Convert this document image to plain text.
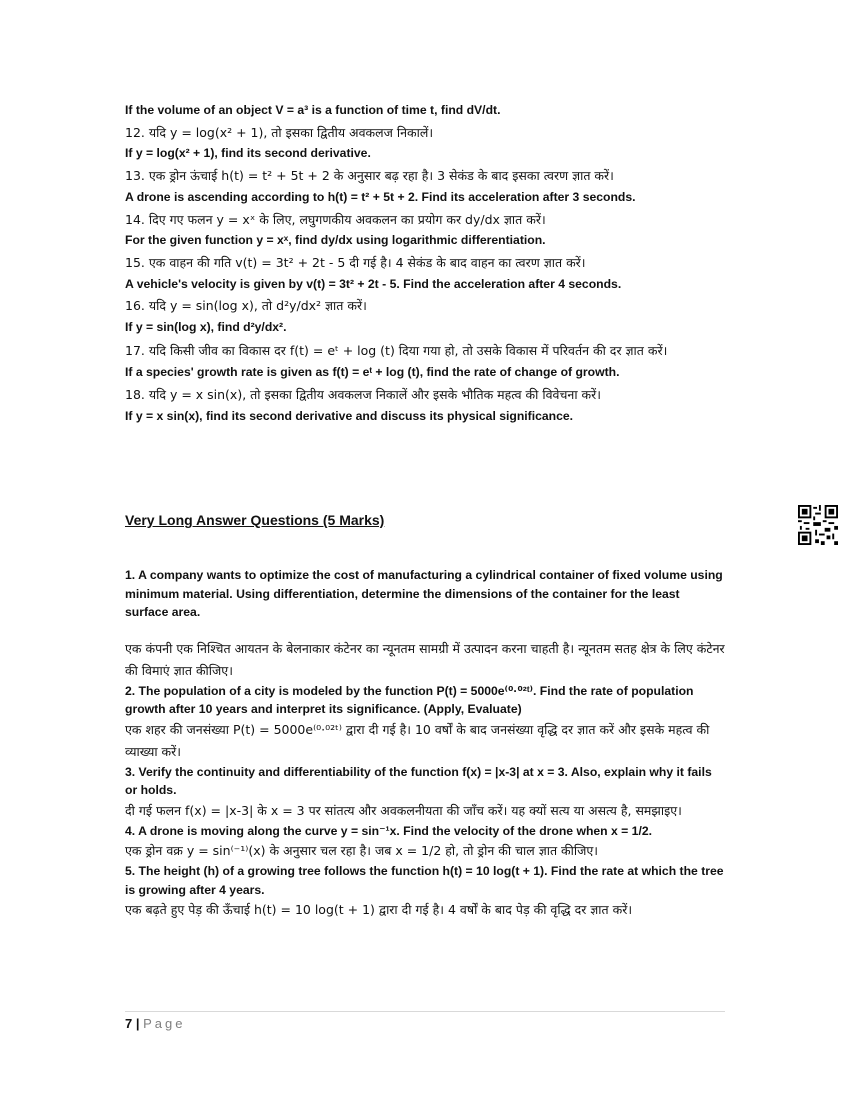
If the volume of an object V = a³ is a function of time t, find dV/dt.
12. यदि y = log(x² + 1), तो इसका द्वितीय अवकलज निकालें।
If y = log(x² + 1), find its second derivative.
13. एक ड्रोन ऊंचाई h(t) = t² + 5t + 2 के अनुसार बढ़ रहा है। 3 सेकंड के बाद इसका त्वरण ज्ञात करें।
A drone is ascending according to h(t) = t² + 5t + 2. Find its acceleration after 3 seconds.
14. दिए गए फलन y = xˣ के लिए, लघुगणकीय अवकलन का प्रयोग कर dy/dx ज्ञात करें।
For the given function y = xˣ, find dy/dx using logarithmic differentiation.
15. एक वाहन की गति v(t) = 3t² + 2t - 5 दी गई है। 4 सेकंड के बाद वाहन का त्वरण ज्ञात करें।
A vehicle's velocity is given by v(t) = 3t² + 2t - 5. Find the acceleration after 4 seconds.
16. यदि y = sin(log x), तो d²y/dx² ज्ञात करें।
If y = sin(log x), find d²y/dx².
17. यदि किसी जीव का विकास दर f(t) = eᵗ + log (t) दिया गया हो, तो उसके विकास में परिवर्तन की दर ज्ञात करें।
If a species' growth rate is given as f(t) = eᵗ + log (t), find the rate of change of growth.
18. यदि y = x sin(x), तो इसका द्वितीय अवकलज निकालें और इसके भौतिक महत्व की विवेचना करें।
If y = x sin(x), find its second derivative and discuss its physical significance.
Very Long Answer Questions (5 Marks)
1. A company wants to optimize the cost of manufacturing a cylindrical container of fixed volume using minimum material. Using differentiation, determine the dimensions of the container for the least surface area.
एक कंपनी एक निश्चित आयतन के बेलनाकार कंटेनर का न्यूनतम सामग्री में उत्पादन करना चाहती है। न्यूनतम सतह क्षेत्र के लिए कंटेनर की विमाएं ज्ञात कीजिए।
2. The population of a city is modeled by the function P(t) = 5000e⁽⁰·⁰²ᵗ⁾. Find the rate of population growth after 10 years and interpret its significance. (Apply, Evaluate)
एक शहर की जनसंख्या P(t) = 5000e⁽⁰·⁰²ᵗ⁾ द्वारा दी गई है। 10 वर्षों के बाद जनसंख्या वृद्धि दर ज्ञात करें और इसके महत्व की व्याख्या करें।
3. Verify the continuity and differentiability of the function f(x) = |x-3| at x = 3. Also, explain why it fails or holds.
दी गई फलन f(x) = |x-3| के x = 3 पर सांतत्य और अवकलनीयता की जाँच करें। यह क्यों सत्य या असत्य है, समझाइए।
4. A drone is moving along the curve y = sin⁻¹x. Find the velocity of the drone when x = 1/2.
एक ड्रोन वक्र y = sin⁽⁻¹⁾(x) के अनुसार चल रहा है। जब x = 1/2 हो, तो ड्रोन की चाल ज्ञात कीजिए।
5. The height (h) of a growing tree follows the function h(t) = 10 log(t + 1). Find the rate at which the tree is growing after 4 years.
एक बढ़ते हुए पेड़ की ऊँचाई h(t) = 10 log(t + 1) द्वारा दी गई है। 4 वर्षों के बाद पेड़ की वृद्धि दर ज्ञात करें।
7 | Page
